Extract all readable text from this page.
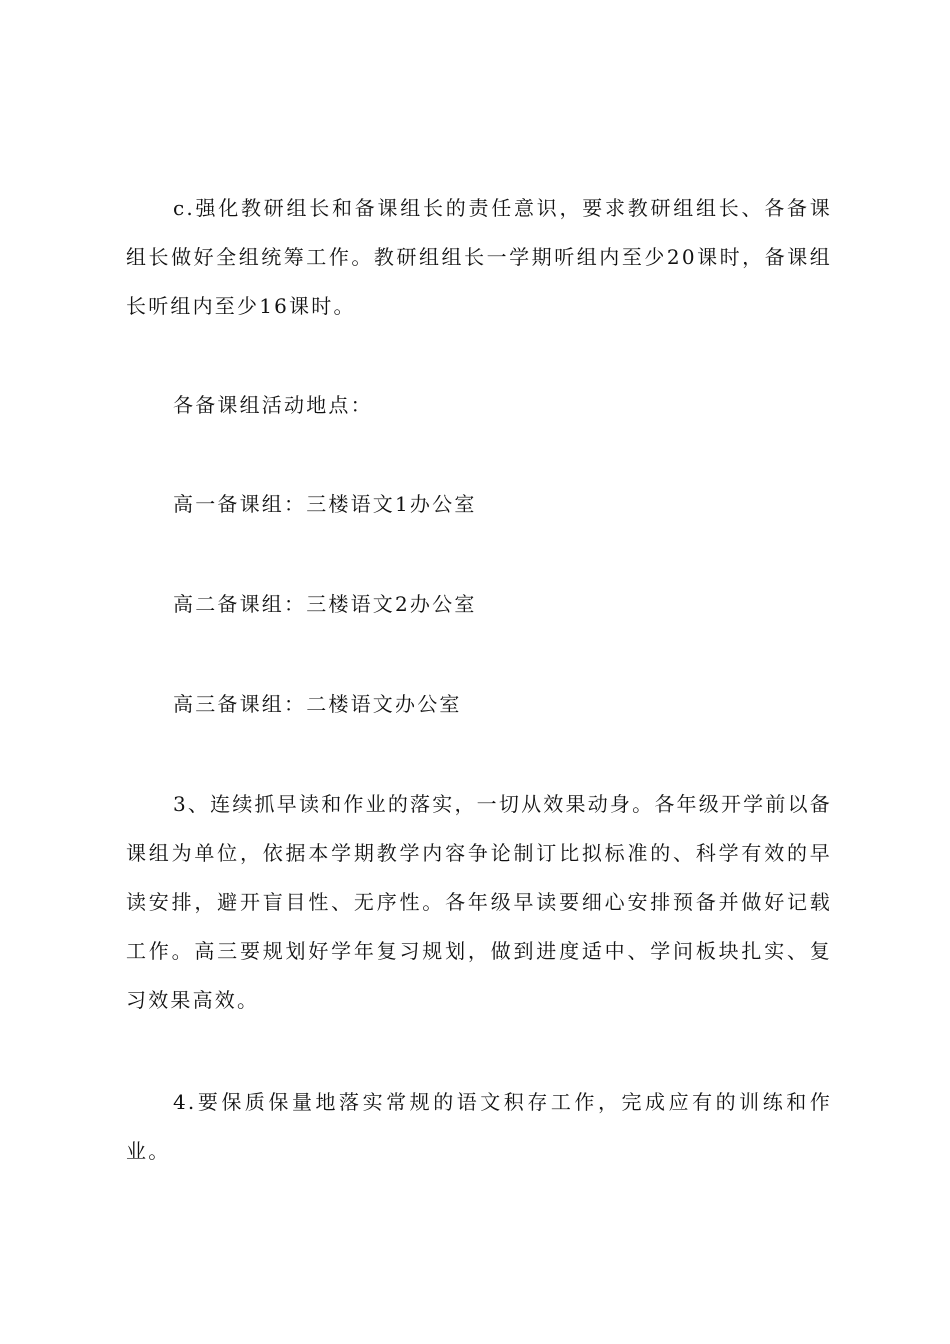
c.强化教研组长和备课组长的责任意识，要求教研组组长、各备课组长做好全组统筹工作。教研组组长一学期听组内至少20课时，备课组长听组内至少16课时。

各备课组活动地点：

高一备课组：三楼语文1办公室

高二备课组：三楼语文2办公室

高三备课组：二楼语文办公室

3、连续抓早读和作业的落实，一切从效果动身。各年级开学前以备课组为单位，依据本学期教学内容争论制订比拟标准的、科学有效的早读安排，避开盲目性、无序性。各年级早读要细心安排预备并做好记载工作。高三要规划好学年复习规划，做到进度适中、学问板块扎实、复习效果高效。

4.要保质保量地落实常规的语文积存工作，完成应有的训练和作业。
